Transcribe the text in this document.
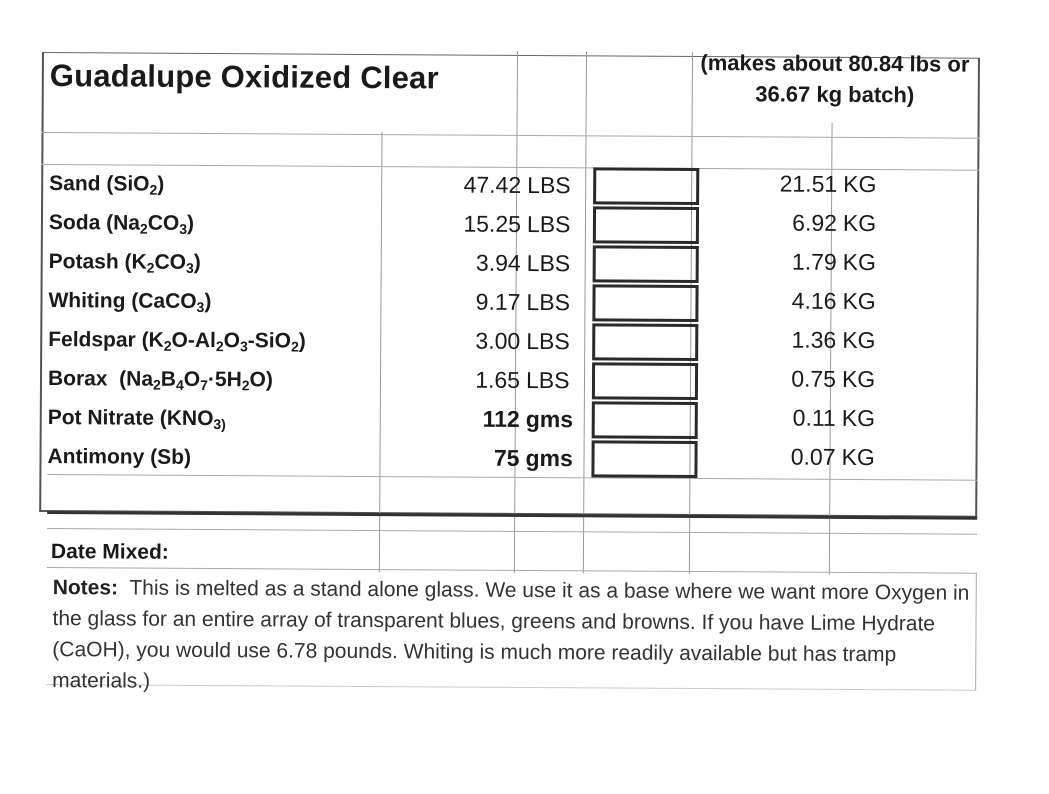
Guadalupe Oxidized Clear	(makes about 80.84 lbs or 36.67 kg batch)
Sand (SiO$_2$)	47.42 LBS	21.51 KG
Soda $(Na_2CO_3)$	15.25 LBS	6.92 KG
Potash $(K_2CO_3)$	3.94 LBS	1.79 KG
Whiting (CaCO$_3$)	9.17 LBS	4.16 KG
Feldspar $(K_2O-Al_2O_3-SiO_2)$	3.00 LBS	1.36 KG
Borax  $(Na_2B_4O_7\cdot 5H_2O)$	1.65 LBS	0.75 KG
Pot Nitrate ($KNO_{3)}$	112 gms	0.11 KG
Antimony (Sb)	75 gms	0.07 KG
Date Mixed:
Notes: This is melted as a stand alone glass. We use it as a base where we want more Oxygen in the glass for an entire array of transparent blues, greens and browns. If you have Lime Hydrate (CaOH), you would use 6.78 pounds. Whiting is much more readily available but has tramp materials.)
